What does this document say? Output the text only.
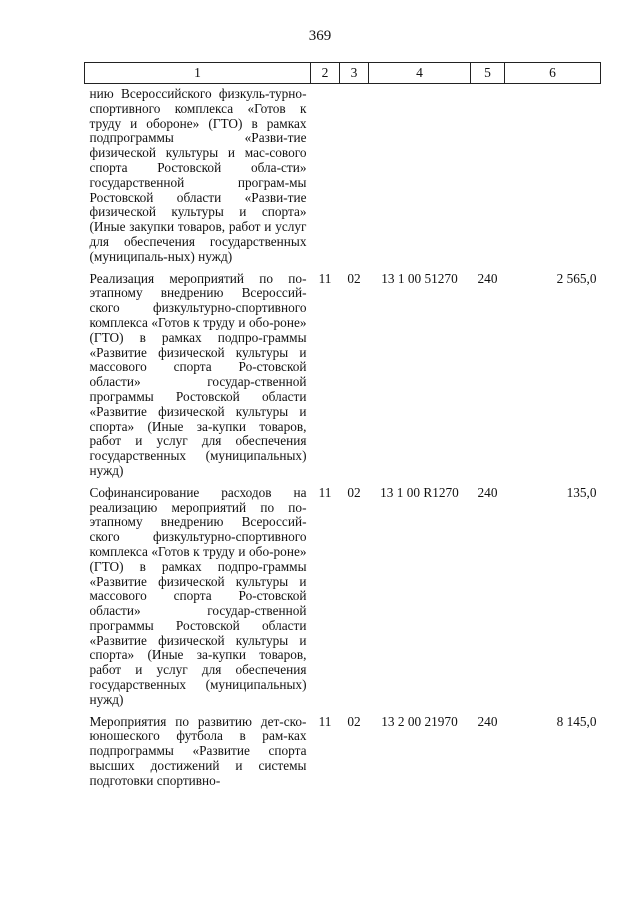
369
1	2	3	4	5	6
нию Всероссийского физкуль-турно-спортивного комплекса «Готов к труду и обороне» (ГТО) в рамках подпрограммы «Разви-тие физической культуры и мас-сового спорта Ростовской обла-сти» государственной програм-мы Ростовской области «Разви-тие физической культуры и спорта» (Иные закупки товаров, работ и услуг для обеспечения государственных (муниципаль-ных) нужд)					
Реализация мероприятий по по-этапному внедрению Всероссий-ского физкультурно-спортивного комплекса «Готов к труду и обо-роне» (ГТО) в рамках подпро-граммы «Развитие физической культуры и массового спорта Ро-стовской области» государ-ственной программы Ростовской области «Развитие физической культуры и спорта» (Иные за-купки товаров, работ и услуг для обеспечения государственных (муниципальных) нужд)	11	02	13 1 00 51270	240	2 565,0
Софинансирование расходов на реализацию мероприятий по по-этапному внедрению Всероссий-ского физкультурно-спортивного комплекса «Готов к труду и обо-роне» (ГТО) в рамках подпро-граммы «Развитие физической культуры и массового спорта Ро-стовской области» государ-ственной программы Ростовской области «Развитие физической культуры и спорта» (Иные за-купки товаров, работ и услуг для обеспечения государственных (муниципальных) нужд)	11	02	13 1 00 R1270	240	135,0
Мероприятия по развитию дет-ско-юношеского футбола в рам-ках подпрограммы «Развитие спорта высших достижений и системы подготовки спортивно-	11	02	13 2 00 21970	240	8 145,0
